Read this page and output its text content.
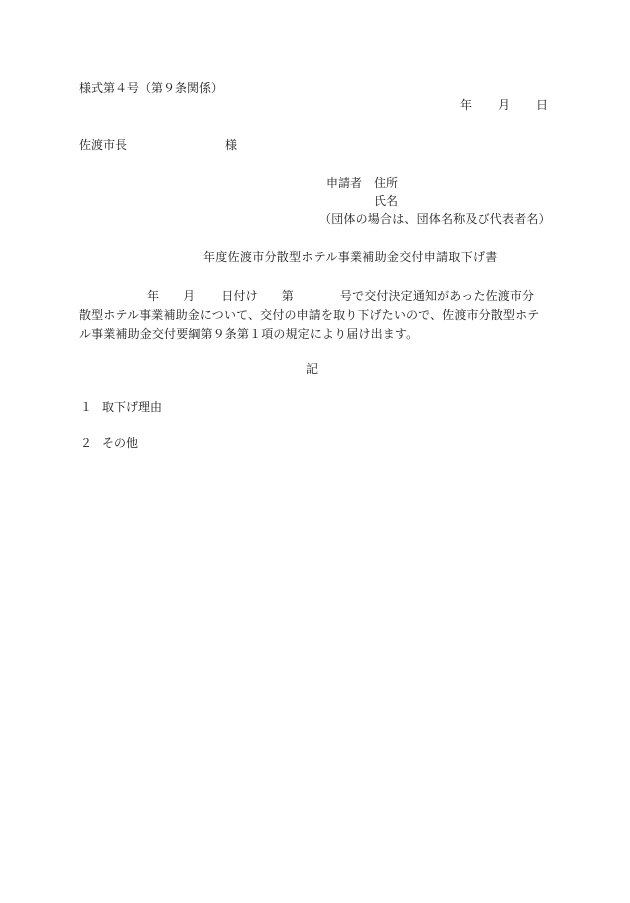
様式第４号（第９条関係）
年 月 日
佐渡市長	様
申請者 住所
氏名
（団体の場合は、団体名称及び代表者名）
年度佐渡市分散型ホテル事業補助金交付申請取下げ書
年 月 日付け 第	号で交付決定通知があった佐渡市分
散型ホテル事業補助金について、交付の申請を取り下げたいので、佐渡市分散型ホテ
ル事業補助金交付要綱第９条第１項の規定により届け出ます。
記
１ 取下げ理由
２ その他
